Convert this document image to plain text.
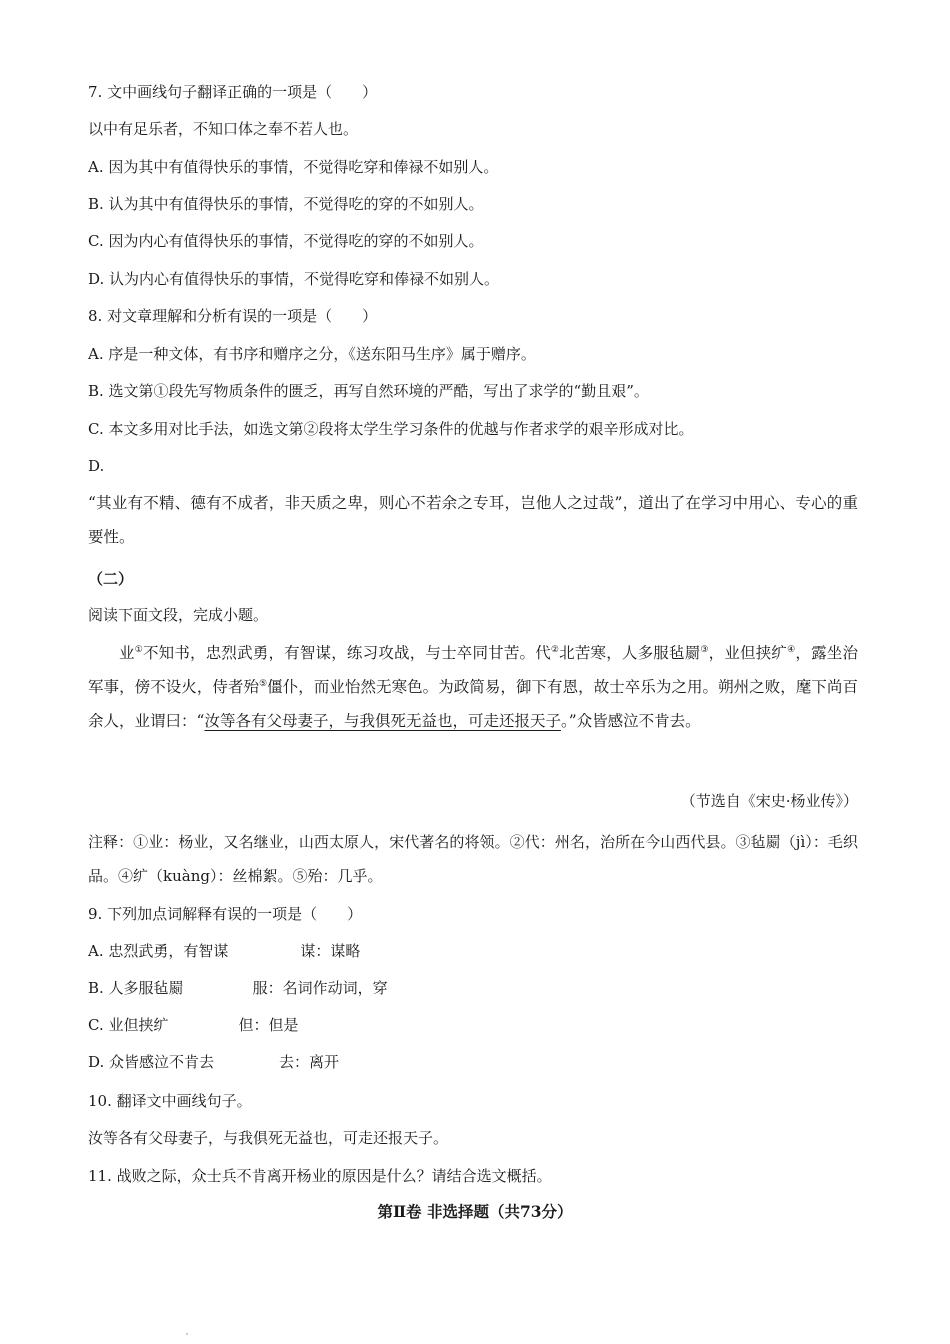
7. 文中画线句子翻译正确的一项是（　　）
以中有足乐者，不知口体之奉不若人也。
A. 因为其中有值得快乐的事情，不觉得吃穿和俸禄不如别人。
B. 认为其中有值得快乐的事情，不觉得吃的穿的不如别人。
C. 因为内心有值得快乐的事情，不觉得吃的穿的不如别人。
D. 认为内心有值得快乐的事情，不觉得吃穿和俸禄不如别人。
8. 对文章理解和分析有误的一项是（　　）
A. 序是一种文体，有书序和赠序之分，《送东阳马生序》属于赠序。
B. 选文第①段先写物质条件的匮乏，再写自然环境的严酷，写出了求学的“勤且艰”。
C. 本文多用对比手法，如选文第②段将太学生学习条件的优越与作者求学的艰辛形成对比。
D.
“其业有不精、德有不成者，非天质之卑，则心不若余之专耳，岂他人之过哉”，道出了在学习中用心、专心的重要性。
（二）
阅读下面文段，完成小题。
业①不知书，忠烈武勇，有智谋，练习攻战，与士卒同甘苦。代②北苦寒，人多服毡罽③，业但挟纩④，露坐治军事，傍不设火，侍者殆⑤僵仆，而业怡然无寒色。为政简易，御下有恩，故士卒乐为之用。朔州之败，麾下尚百余人，业谓曰：“汝等各有父母妻子，与我俱死无益也，可走还报天子。”众皆感泣不肯去。
（节选自《宋史·杨业传》）
注释：①业：杨业，又名继业，山西太原人，宋代著名的将领。②代：州名，治所在今山西代县。③毡罽（jì）：毛织品。④纩（kuàng）：丝棉絮。⑤殆：几乎。
9. 下列加点词解释有误的一项是（　　）
A. 忠烈武勇，有智谋	谋：谋略
B. 人多服毡罽	服：名词作动词，穿
C. 业但挟纩	但：但是
D. 众皆感泣不肯去	去：离开
10. 翻译文中画线句子。
汝等各有父母妻子，与我俱死无益也，可走还报天子。
11. 战败之际，众士兵不肯离开杨业的原因是什么？请结合选文概括。
第Ⅱ卷 非选择题（共73分）
